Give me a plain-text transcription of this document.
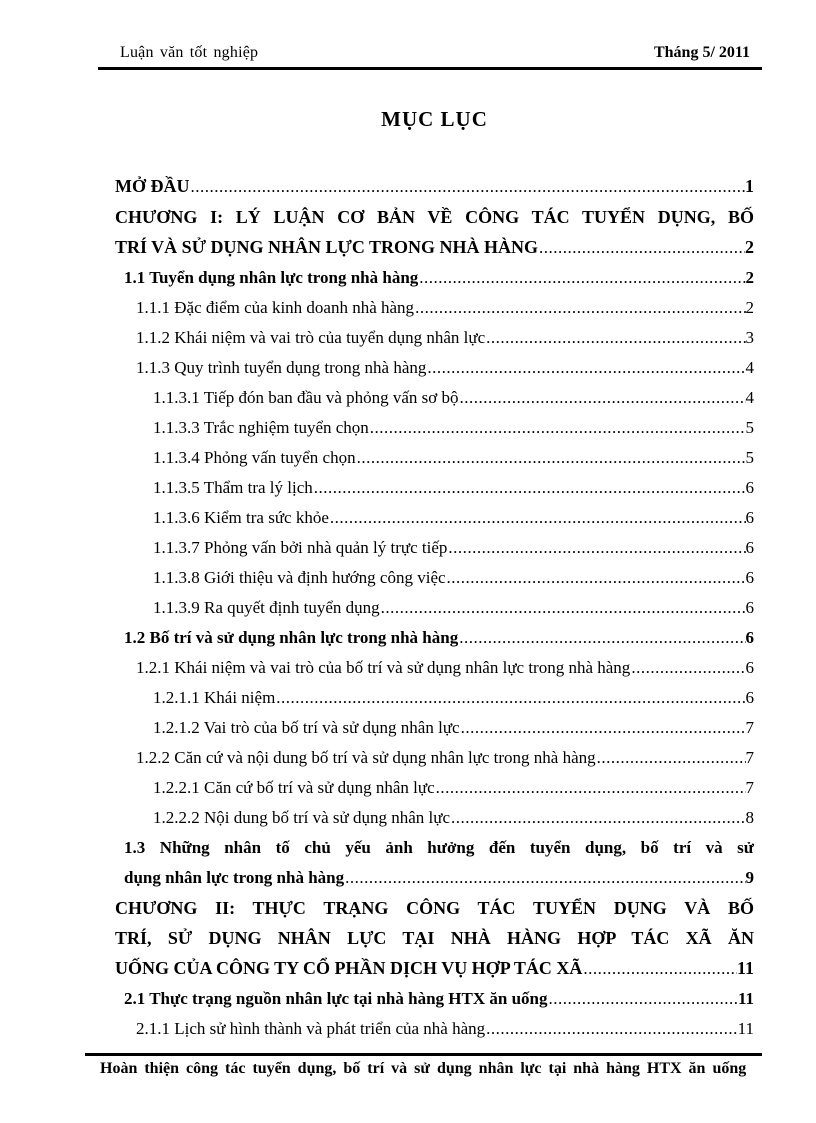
Luận văn tốt nghiệp	Tháng 5/ 2011
MỤC LỤC
MỞ ĐẦU .....	1
CHƯƠNG I: LÝ LUẬN CƠ BẢN VỀ CÔNG TÁC TUYỂN DỤNG, BỐ
TRÍ VÀ SỬ DỤNG NHÂN LỰC TRONG NHÀ HÀNG .....	2
1.1 Tuyển dụng nhân lực trong nhà hàng .....	2
1.1.1 Đặc điểm của kinh doanh nhà hàng .....	2
1.1.2 Khái niệm và vai trò của tuyển dụng nhân lực .....	3
1.1.3 Quy trình tuyển dụng trong nhà hàng .....	4
1.1.3.1 Tiếp đón ban đầu và phỏng vấn sơ bộ .....	4
1.1.3.3 Trắc nghiệm tuyển chọn .....	5
1.1.3.4 Phỏng vấn tuyển chọn .....	5
1.1.3.5 Thẩm tra lý lịch .....	6
1.1.3.6 Kiểm tra sức khỏe .....	6
1.1.3.7 Phỏng vấn bởi nhà quản lý trực tiếp .....	6
1.1.3.8 Giới thiệu và định hướng công việc .....	6
1.1.3.9 Ra quyết định tuyển dụng .....	6
1.2 Bố trí và sử dụng nhân lực trong nhà hàng .....	6
1.2.1 Khái niệm và vai trò của bố trí và sử dụng nhân lực trong nhà hàng .....	6
1.2.1.1 Khái niệm .....	6
1.2.1.2 Vai trò của bố trí và sử dụng nhân lực .....	7
1.2.2 Căn cứ và nội dung bố trí và sử dụng nhân lực trong nhà hàng .....	7
1.2.2.1 Căn cứ bố trí và sử dụng nhân lực .....	7
1.2.2.2 Nội dung bố trí và sử dụng nhân lực .....	8
1.3 Những nhân tố chủ yếu ảnh hưởng đến tuyển dụng, bố trí và sử
dụng nhân lực trong nhà hàng .....	9
CHƯƠNG II: THỰC TRẠNG CÔNG TÁC TUYỂN DỤNG VÀ BỐ
TRÍ, SỬ DỤNG NHÂN LỰC TẠI NHÀ HÀNG HỢP TÁC XÃ ĂN
UỐNG CỦA CÔNG TY CỔ PHẦN DỊCH VỤ HỢP TÁC XÃ .....	11
2.1 Thực trạng nguồn nhân lực tại nhà hàng HTX ăn uống .....	11
2.1.1 Lịch sử hình thành và phát triển của nhà hàng .....	11
Hoàn thiện công tác tuyển dụng, bố trí và sử dụng nhân lực tại nhà hàng HTX ăn uống
